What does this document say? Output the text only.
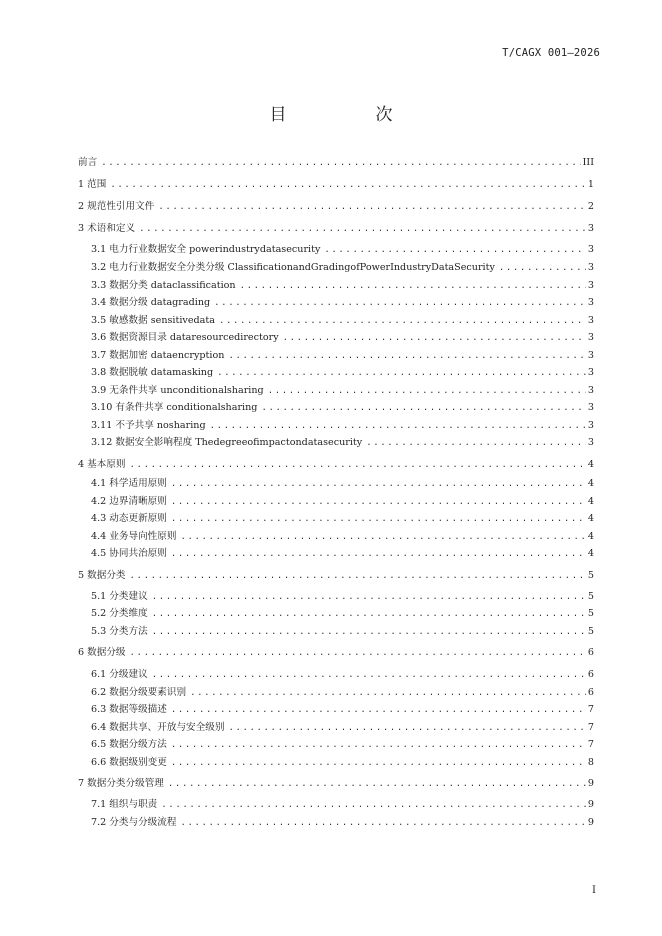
T/CAGX 001—2026
目　次
前言 .....	III
1 范围 .....	1
2 规范性引用文件 .....	2
3 术语和定义 .....	3
3.1 电力行业数据安全 powerindustrydatasecurity .....	3
3.2 电力行业数据安全分类分级 ClassificationandGradingofPowerIndustryDataSecurity .....	3
3.3 数据分类 dataclassification .....	3
3.4 数据分级 datagrading .....	3
3.5 敏感数据 sensitivedata .....	3
3.6 数据资源目录 dataresourcedirectory .....	3
3.7 数据加密 dataencryption .....	3
3.8 数据脱敏 datamasking .....	3
3.9 无条件共享 unconditionalsharing .....	3
3.10 有条件共享 conditionalsharing .....	3
3.11 不予共享 nosharing .....	3
3.12 数据安全影响程度 Thedegreeofimpactondatasecurity .....	3
4 基本原则 .....	4
4.1 科学适用原则 .....	4
4.2 边界清晰原则 .....	4
4.3 动态更新原则 .....	4
4.4 业务导向性原则 .....	4
4.5 协同共治原则 .....	4
5 数据分类 .....	5
5.1 分类建议 .....	5
5.2 分类维度 .....	5
5.3 分类方法 .....	5
6 数据分级 .....	6
6.1 分级建议 .....	6
6.2 数据分级要素识别 .....	6
6.3 数据等级描述 .....	7
6.4 数据共享、开放与安全级别 .....	7
6.5 数据分级方法 .....	7
6.6 数据级别变更 .....	8
7 数据分类分级管理 .....	9
7.1 组织与职责 .....	9
7.2 分类与分级流程 .....	9
I
